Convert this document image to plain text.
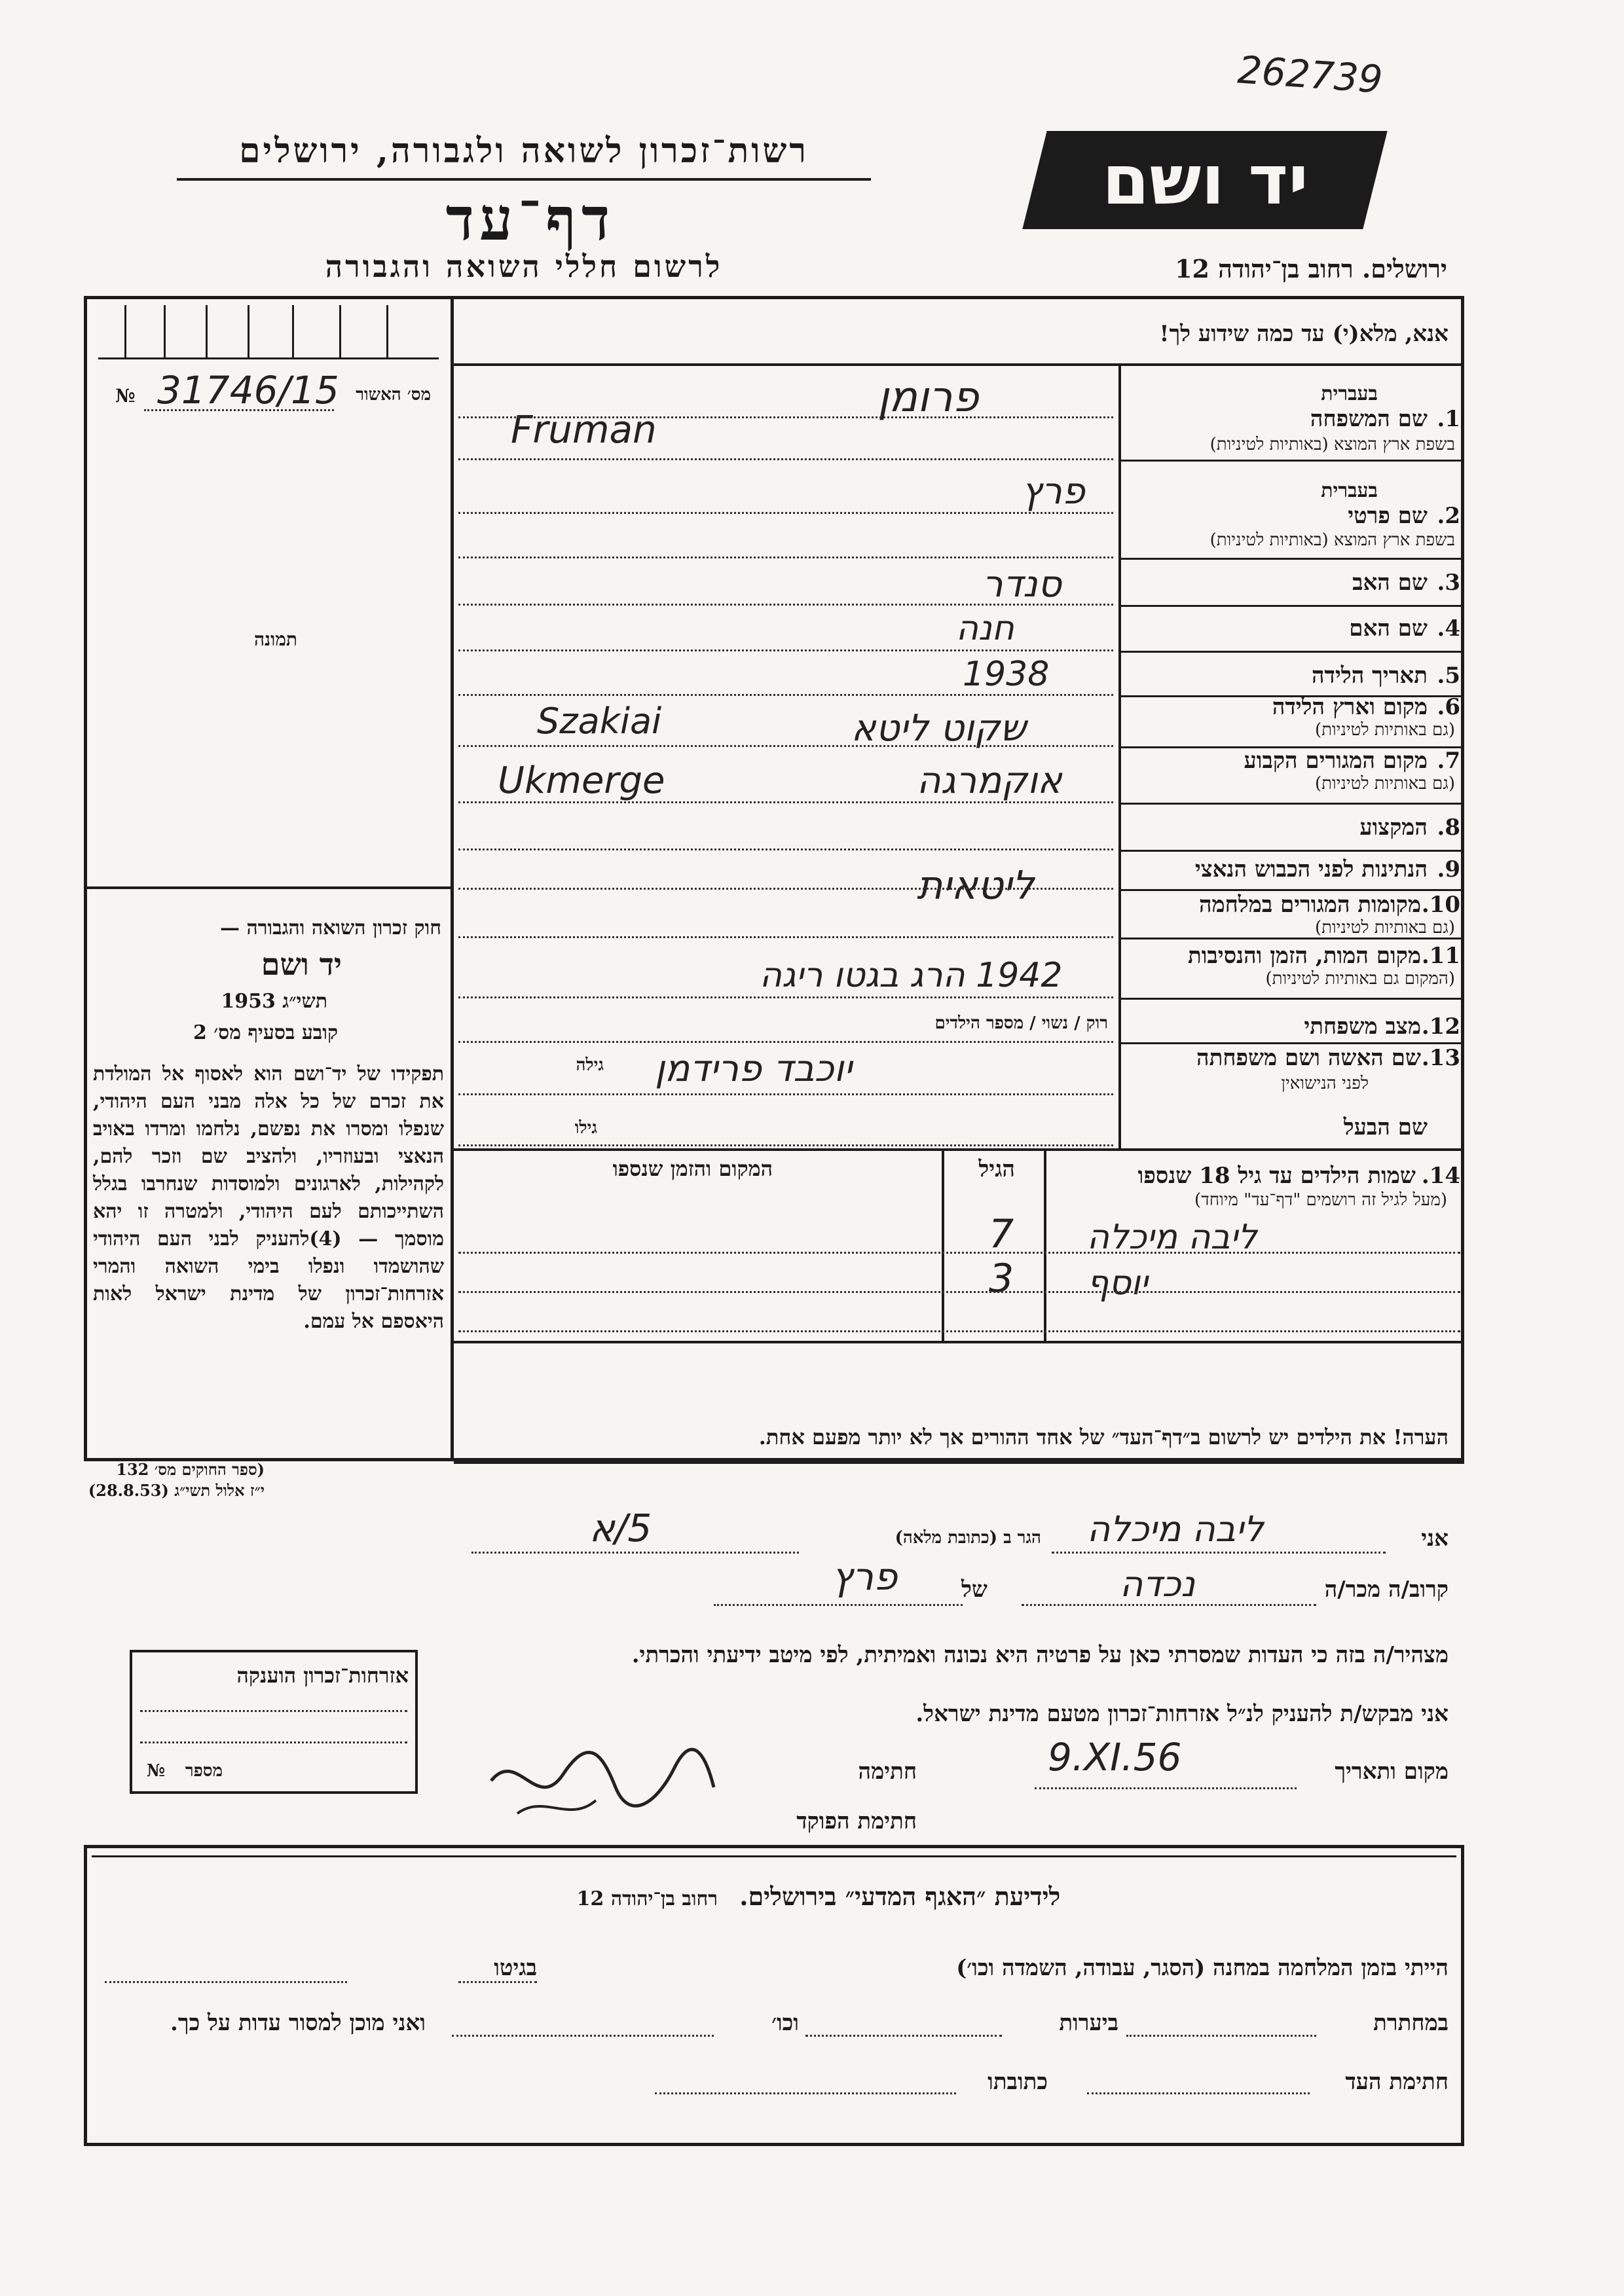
262739
רשות־זכרון לשואה ולגבורה, ירושלים
דף־עד
לרשום חללי השואה והגבורה
יד ושם
ירושלים. רחוב בן־יהודה 12
אנא, מלא(י) עד כמה שידוע לך!
מס׳ האשור
№ 31746/15
תמונה
בעברית
1.
שם המשפחה
בשפת ארץ המוצא (באותיות לטיניות)
פרומן
Fruman
בעברית
2.
שם פרטי
בשפת ארץ המוצא (באותיות לטיניות)
פרץ
3.
שם האב
סנדר
4.
שם האם
חנה
5.
תאריך הלידה
1938
6.
מקום וארץ הלידה
(גם באותיות לטיניות)
שקוט ליטא
Szakiai
7.
מקום המגורים הקבוע
(גם באותיות לטיניות)
אוקמרגה
Ukmerge
8.
המקצוע
9.
הנתינות לפני הכבוש הנאצי
ליטאית	10.
מקומות המגורים במלחמה
(גם באותיות לטיניות)
11.
מקום המות, הזמן והנסיבות
(המקום גם באותיות לטיניות)
1942 הרג בגטו ריגה
12.
מצב משפחתי
רוק / נשוי / מספר הילדים
13.
שם האשה ושם משפחתה
לפני הנישואין
גילה יוכבד פרידמן
שם הבעל
גילו
14.
שמות הילדים עד גיל 18 שנספו
(מעל לגיל זה רושמים "דף־עד" מיוחד)
הגיל
המקום והזמן שנספו
ליבה מיכלה
7
יוסף
3
חוק זכרון השואה והגבורה —
יד ושם
תשי״ג 1953
קובע בסעיף מס׳ 2
תפקידו של יד־ושם הוא לאסוף אל המולדת את זכרם של כל אלה מבני העם היהודי, שנפלו ומסרו את נפשם, נלחמו ומרדו באויב הנאצי ובעוזריו, ולהציב שם וזכר להם, לקהילות, לארגונים ולמוסדות שנחרבו בגלל השתייכותם לעם היהודי, ולמטרה זו יהא מוסמך — (4)להעניק לבני העם היהודי שהושמדו ונפלו בימי השואה והמרי אזרחות־זכרון של מדינת ישראל לאות היאספם אל עמם.
(ספר החוקים מס׳ 132
י״ז אלול תשי״ג (28.8.53)
הערה! את הילדים יש לרשום ב״דף־העד״ של אחד ההורים אך לא יותר מפעם אחת.
אני
ליבה מיכלה
הגר ב (כתובת מלאה)
5/א
קרוב/ה מכר/ה
נכדה
של
פרץ
מצהיר/ה בזה כי העדות שמסרתי כאן על פרטיה היא נכונה ואמיתית, לפי מיטב ידיעתי והכרתי.
אני מבקש/ת להעניק לנ״ל אזרחות־זכרון מטעם מדינת ישראל.
מקום ותאריך
9.XI.56
חתימה
חתימת הפוקד
אזרחות־זכרון הוענקה
מספר
№
לידיעת ״האגף המדעי״ בירושלים. רחוב בן־יהודה 12
הייתי בזמן המלחמה במחנה (הסגר, עבודה, השמדה וכו׳)
בגיטו
במחתרת
ביערות
וכו׳
ואני מוכן למסור עדות על כך.
חתימת העד
כתובתו
